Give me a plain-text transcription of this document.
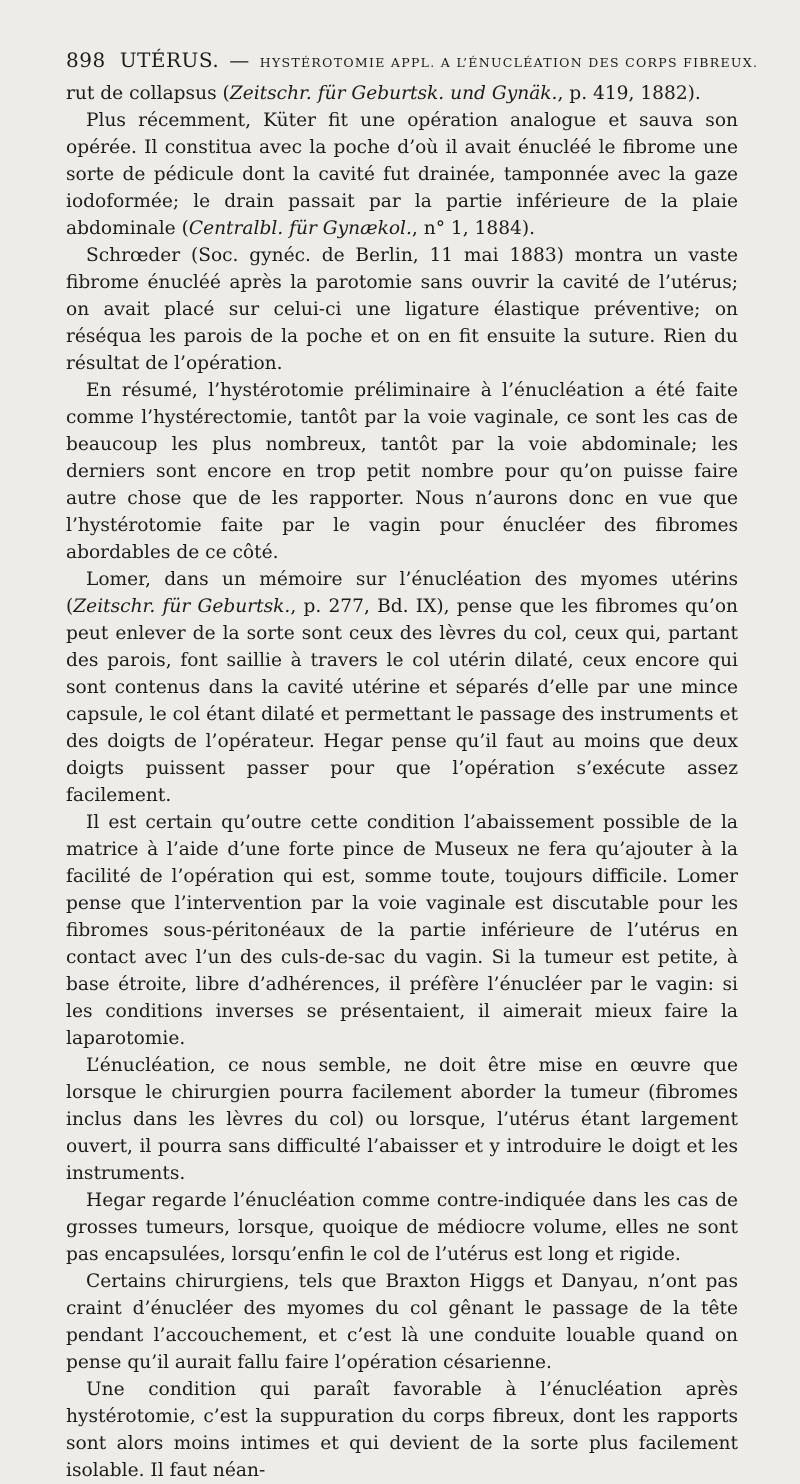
898 UTÉRUS. — HYSTÉROTOMIE APPL. A L’ÉNUCLÉATION DES CORPS FIBREUX.

rut de collapsus (Zeitschr. für Geburtsk. und Gynäk., p. 419, 1882).

Plus récemment, Küter fit une opération analogue et sauva son opérée. Il constitua avec la poche d’où il avait énucléé le fibrome une sorte de pédicule dont la cavité fut drainée, tamponnée avec la gaze iodoformée; le drain passait par la partie inférieure de la plaie abdominale (Centralbl. für Gynækol., n° 1, 1884).

Schrœder (Soc. gynéc. de Berlin, 11 mai 1883) montra un vaste fibrome énucléé après la parotomie sans ouvrir la cavité de l’utérus; on avait placé sur celui-ci une ligature élastique préventive; on réséqua les parois de la poche et on en fit ensuite la suture. Rien du résultat de l’opération.

En résumé, l’hystérotomie préliminaire à l’énucléation a été faite comme l’hystérectomie, tantôt par la voie vaginale, ce sont les cas de beaucoup les plus nombreux, tantôt par la voie abdominale; les derniers sont encore en trop petit nombre pour qu’on puisse faire autre chose que de les rapporter. Nous n’aurons donc en vue que l’hystérotomie faite par le vagin pour énucléer des fibromes abordables de ce côté.

Lomer, dans un mémoire sur l’énucléation des myomes utérins (Zeitschr. für Geburtsk., p. 277, Bd. IX), pense que les fibromes qu’on peut enlever de la sorte sont ceux des lèvres du col, ceux qui, partant des parois, font saillie à travers le col utérin dilaté, ceux encore qui sont contenus dans la cavité utérine et séparés d’elle par une mince capsule, le col étant dilaté et permettant le passage des instruments et des doigts de l’opérateur. Hegar pense qu’il faut au moins que deux doigts puissent passer pour que l’opération s’exécute assez facilement.

Il est certain qu’outre cette condition l’abaissement possible de la matrice à l’aide d’une forte pince de Museux ne fera qu’ajouter à la facilité de l’opération qui est, somme toute, toujours difficile. Lomer pense que l’intervention par la voie vaginale est discutable pour les fibromes sous-péritonéaux de la partie inférieure de l’utérus en contact avec l’un des culs-de-sac du vagin. Si la tumeur est petite, à base étroite, libre d’adhérences, il préfère l’énucléer par le vagin: si les conditions inverses se présentaient, il aimerait mieux faire la laparotomie.

L’énucléation, ce nous semble, ne doit être mise en œuvre que lorsque le chirurgien pourra facilement aborder la tumeur (fibromes inclus dans les lèvres du col) ou lorsque, l’utérus étant largement ouvert, il pourra sans difficulté l’abaisser et y introduire le doigt et les instruments.

Hegar regarde l’énucléation comme contre-indiquée dans les cas de grosses tumeurs, lorsque, quoique de médiocre volume, elles ne sont pas encapsulées, lorsqu’enfin le col de l’utérus est long et rigide.

Certains chirurgiens, tels que Braxton Higgs et Danyau, n’ont pas craint d’énucléer des myomes du col gênant le passage de la tête pendant l’accouchement, et c’est là une conduite louable quand on pense qu’il aurait fallu faire l’opération césarienne.

Une condition qui paraît favorable à l’énucléation après hystérotomie, c’est la suppuration du corps fibreux, dont les rapports sont alors moins intimes et qui devient de la sorte plus facilement isolable. Il faut néan-
